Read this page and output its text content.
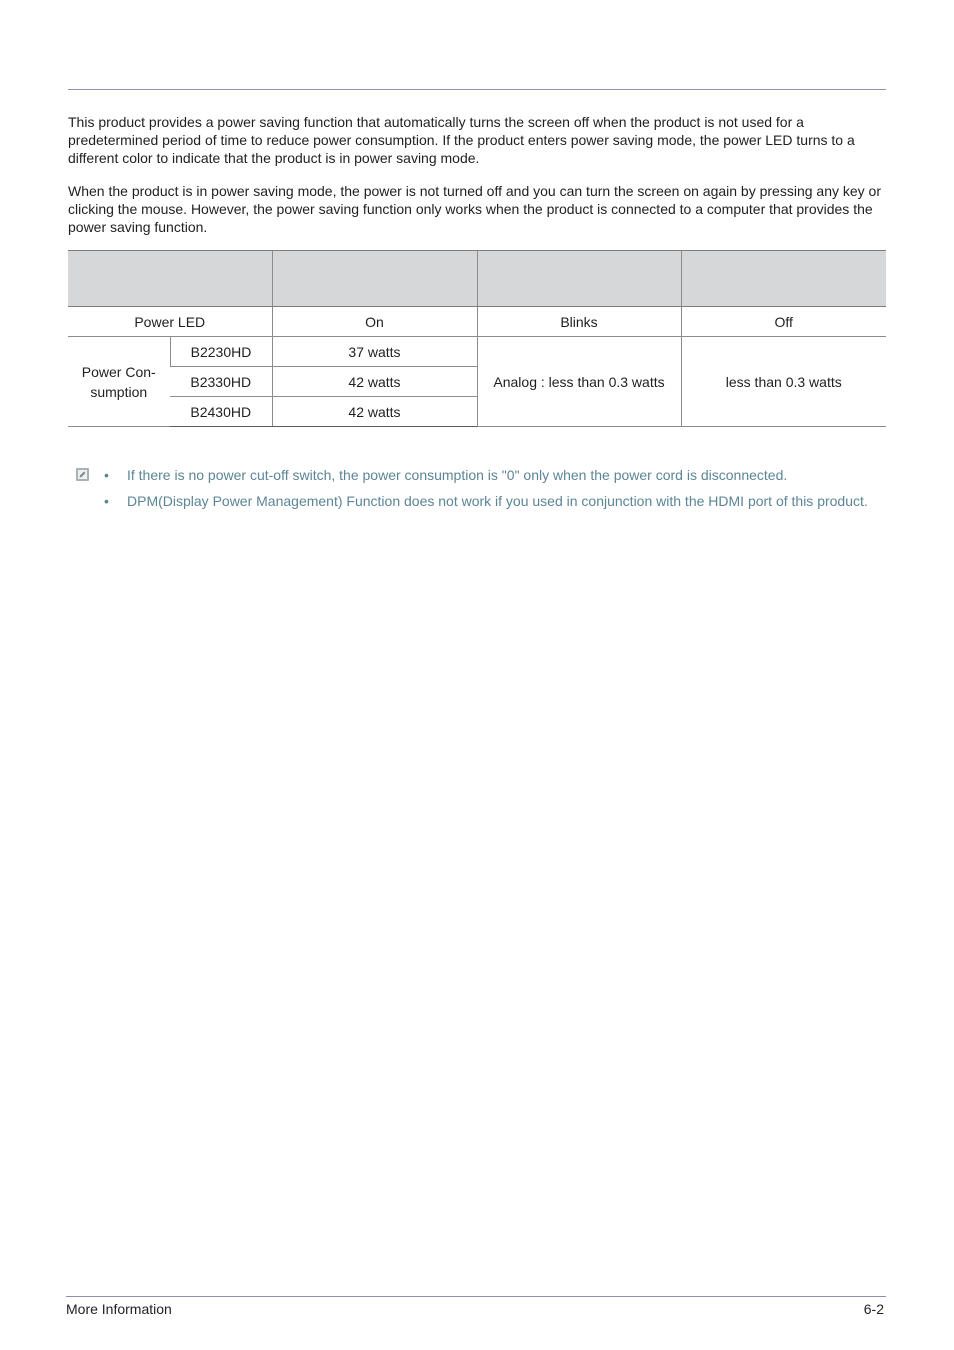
This product provides a power saving function that automatically turns the screen off when the product is not used for a predetermined period of time to reduce power consumption. If the product enters power saving mode, the power LED turns to a different color to indicate that the product is in power saving mode.

When the product is in power saving mode, the power is not turned off and you can turn the screen on again by pressing any key or clicking the mouse. However, the power saving function only works when the product is connected to a computer that provides the power saving function.

Power LED		On	Blinks	Off
Power Con-
sumption	B2230HD	37 watts	Analog : less than 0.3 watts	less than 0.3 watts
	B2330HD	42 watts		
	B2430HD	42 watts		
• If there is no power cut-off switch, the power consumption is "0" only when the power cord is disconnected.
• DPM(Display Power Management) Function does not work if you used in conjunction with the HDMI port of this product.
More Information	6-2
